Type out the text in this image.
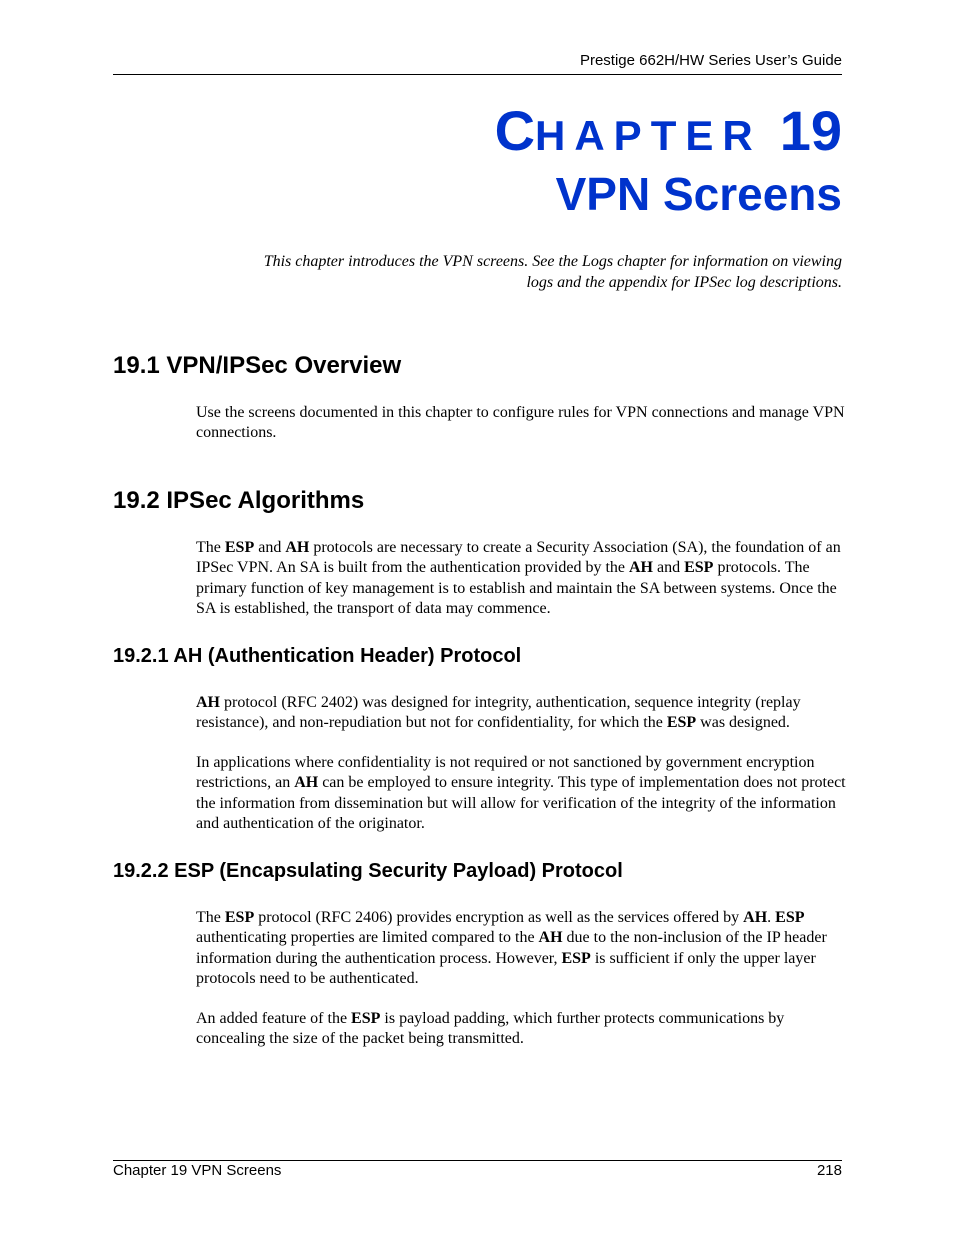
Prestige 662H/HW Series User’s Guide
CHAPTER 19
VPN Screens
This chapter introduces the VPN screens. See the Logs chapter for information on viewing
logs and the appendix for IPSec log descriptions.
19.1 VPN/IPSec Overview
Use the screens documented in this chapter to configure rules for VPN connections and manage VPN connections.
19.2 IPSec Algorithms
The ESP and AH protocols are necessary to create a Security Association (SA), the foundation of an IPSec VPN. An SA is built from the authentication provided by the AH and ESP protocols. The primary function of key management is to establish and maintain the SA between systems. Once the SA is established, the transport of data may commence.
19.2.1 AH (Authentication Header) Protocol
AH protocol (RFC 2402) was designed for integrity, authentication, sequence integrity (replay resistance), and non-repudiation but not for confidentiality, for which the ESP was designed.
In applications where confidentiality is not required or not sanctioned by government encryption restrictions, an AH can be employed to ensure integrity. This type of implementation does not protect the information from dissemination but will allow for verification of the integrity of the information and authentication of the originator.
19.2.2 ESP (Encapsulating Security Payload) Protocol
The ESP protocol (RFC 2406) provides encryption as well as the services offered by AH. ESP authenticating properties are limited compared to the AH due to the non-inclusion of the IP header information during the authentication process. However, ESP is sufficient if only the upper layer protocols need to be authenticated.
An added feature of the ESP is payload padding, which further protects communications by concealing the size of the packet being transmitted.
Chapter 19 VPN Screens	218
